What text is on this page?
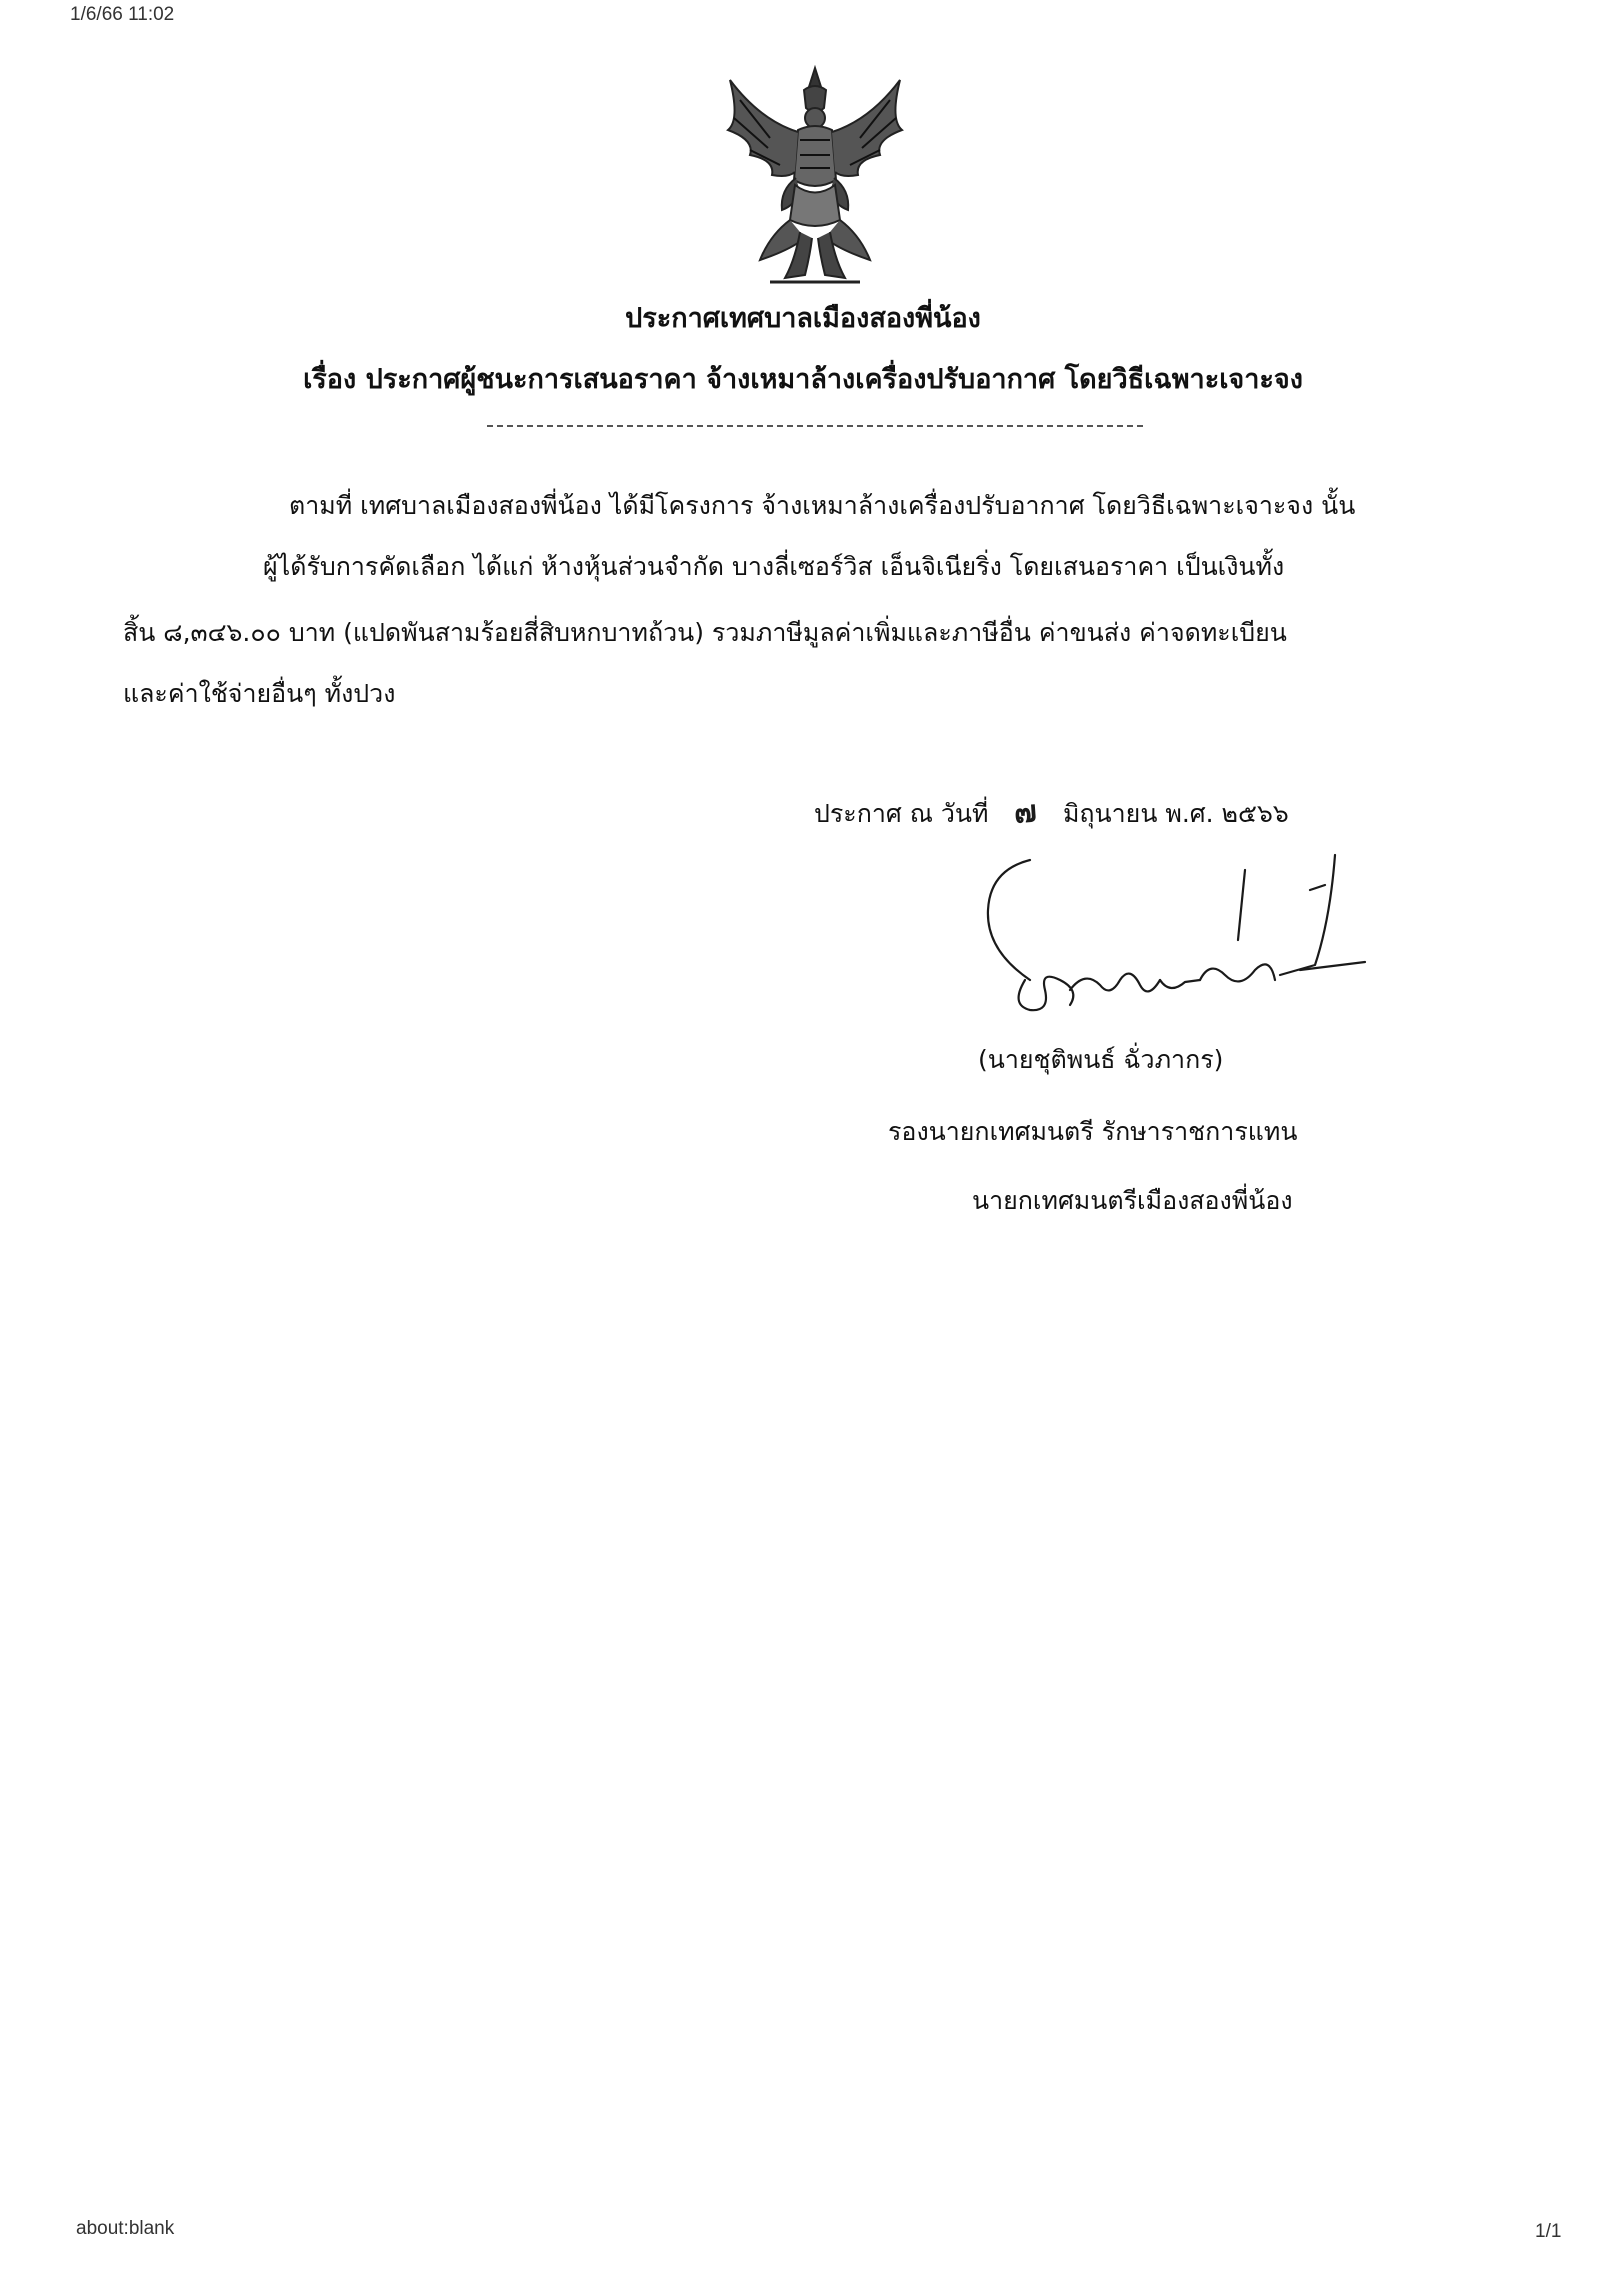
1/6/66 11:02
ประกาศเทศบาลเมืองสองพี่น้อง
เรื่อง ประกาศผู้ชนะการเสนอราคา จ้างเหมาล้างเครื่องปรับอากาศ โดยวิธีเฉพาะเจาะจง
ตามที่ เทศบาลเมืองสองพี่น้อง ได้มีโครงการ จ้างเหมาล้างเครื่องปรับอากาศ โดยวิธีเฉพาะเจาะจง นั้น
ผู้ได้รับการคัดเลือก ได้แก่ ห้างหุ้นส่วนจำกัด บางลี่เซอร์วิส เอ็นจิเนียริ่ง โดยเสนอราคา เป็นเงินทั้ง
สิ้น ๘,๓๔๖.๐๐ บาท (แปดพันสามร้อยสี่สิบหกบาทถ้วน) รวมภาษีมูลค่าเพิ่มและภาษีอื่น ค่าขนส่ง ค่าจดทะเบียน
และค่าใช้จ่ายอื่นๆ ทั้งปวง
ประกาศ ณ วันที่ ๗ มิถุนายน พ.ศ. ๒๕๖๖
(นายชุติพนธ์ ฉั่วภากร)
รองนายกเทศมนตรี รักษาราชการแทน
นายกเทศมนตรีเมืองสองพี่น้อง
about:blank	1/1
